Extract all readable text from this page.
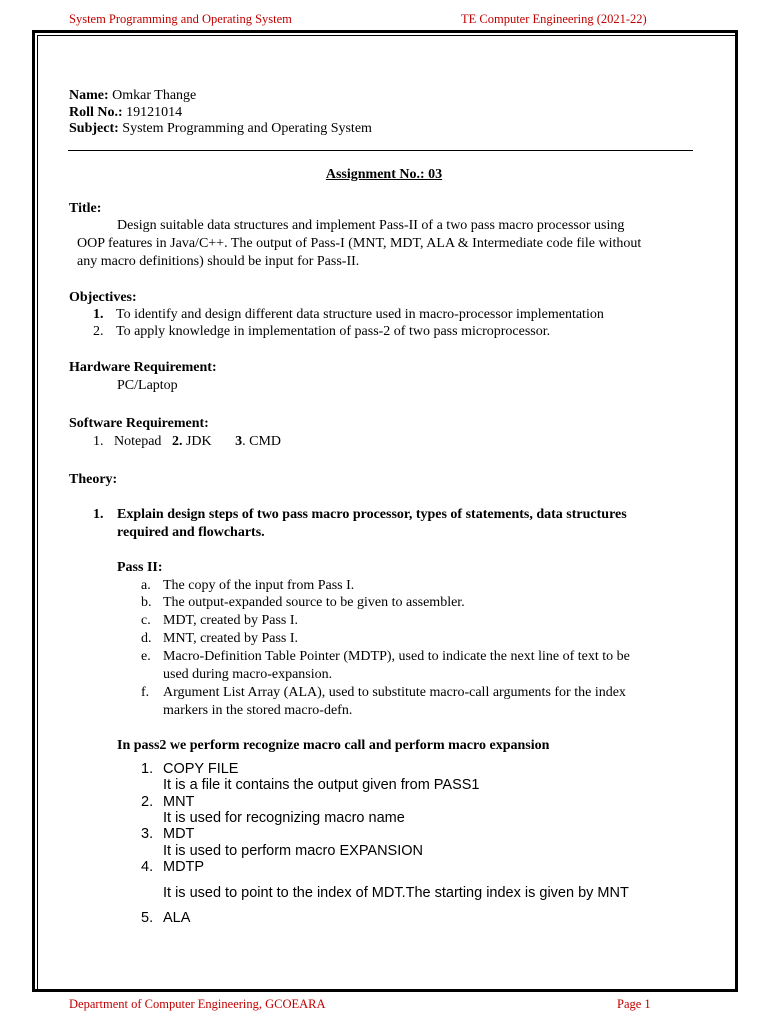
System Programming and Operating System	TE Computer Engineering (2021-22)
Name: Omkar Thange
Roll No.: 19121014
Subject: System Programming and Operating System
Assignment No.: 03
Title:
Design suitable data structures and implement Pass-II of a two pass macro processor using
OOP features in Java/C++. The output of Pass-I (MNT, MDT, ALA & Intermediate code file without
any macro definitions) should be input for Pass-II.
Objectives:
1. To identify and design different data structure used in macro-processor implementation
2. To apply knowledge in implementation of pass-2 of two pass microprocessor.
Hardware Requirement:
PC/Laptop
Software Requirement:
1. Notepad 2. JDK 3. CMD
Theory:
1. Explain design steps of two pass macro processor, types of statements, data structures
required and flowcharts.
Pass II:
a. The copy of the input from Pass I.
b. The output-expanded source to be given to assembler.
c. MDT, created by Pass I.
d. MNT, created by Pass I.
e. Macro-Definition Table Pointer (MDTP), used to indicate the next line of text to be
used during macro-expansion.
f. Argument List Array (ALA), used to substitute macro-call arguments for the index
markers in the stored macro-defn.
In pass2 we perform recognize macro call and perform macro expansion
1. COPY FILE
It is a file it contains the output given from PASS1
2. MNT
It is used for recognizing macro name
3. MDT
It is used to perform macro EXPANSION
4. MDTP
It is used to point to the index of MDT.The starting index is given by MNT
5. ALA
Department of Computer Engineering, GCOEARA	Page 1
